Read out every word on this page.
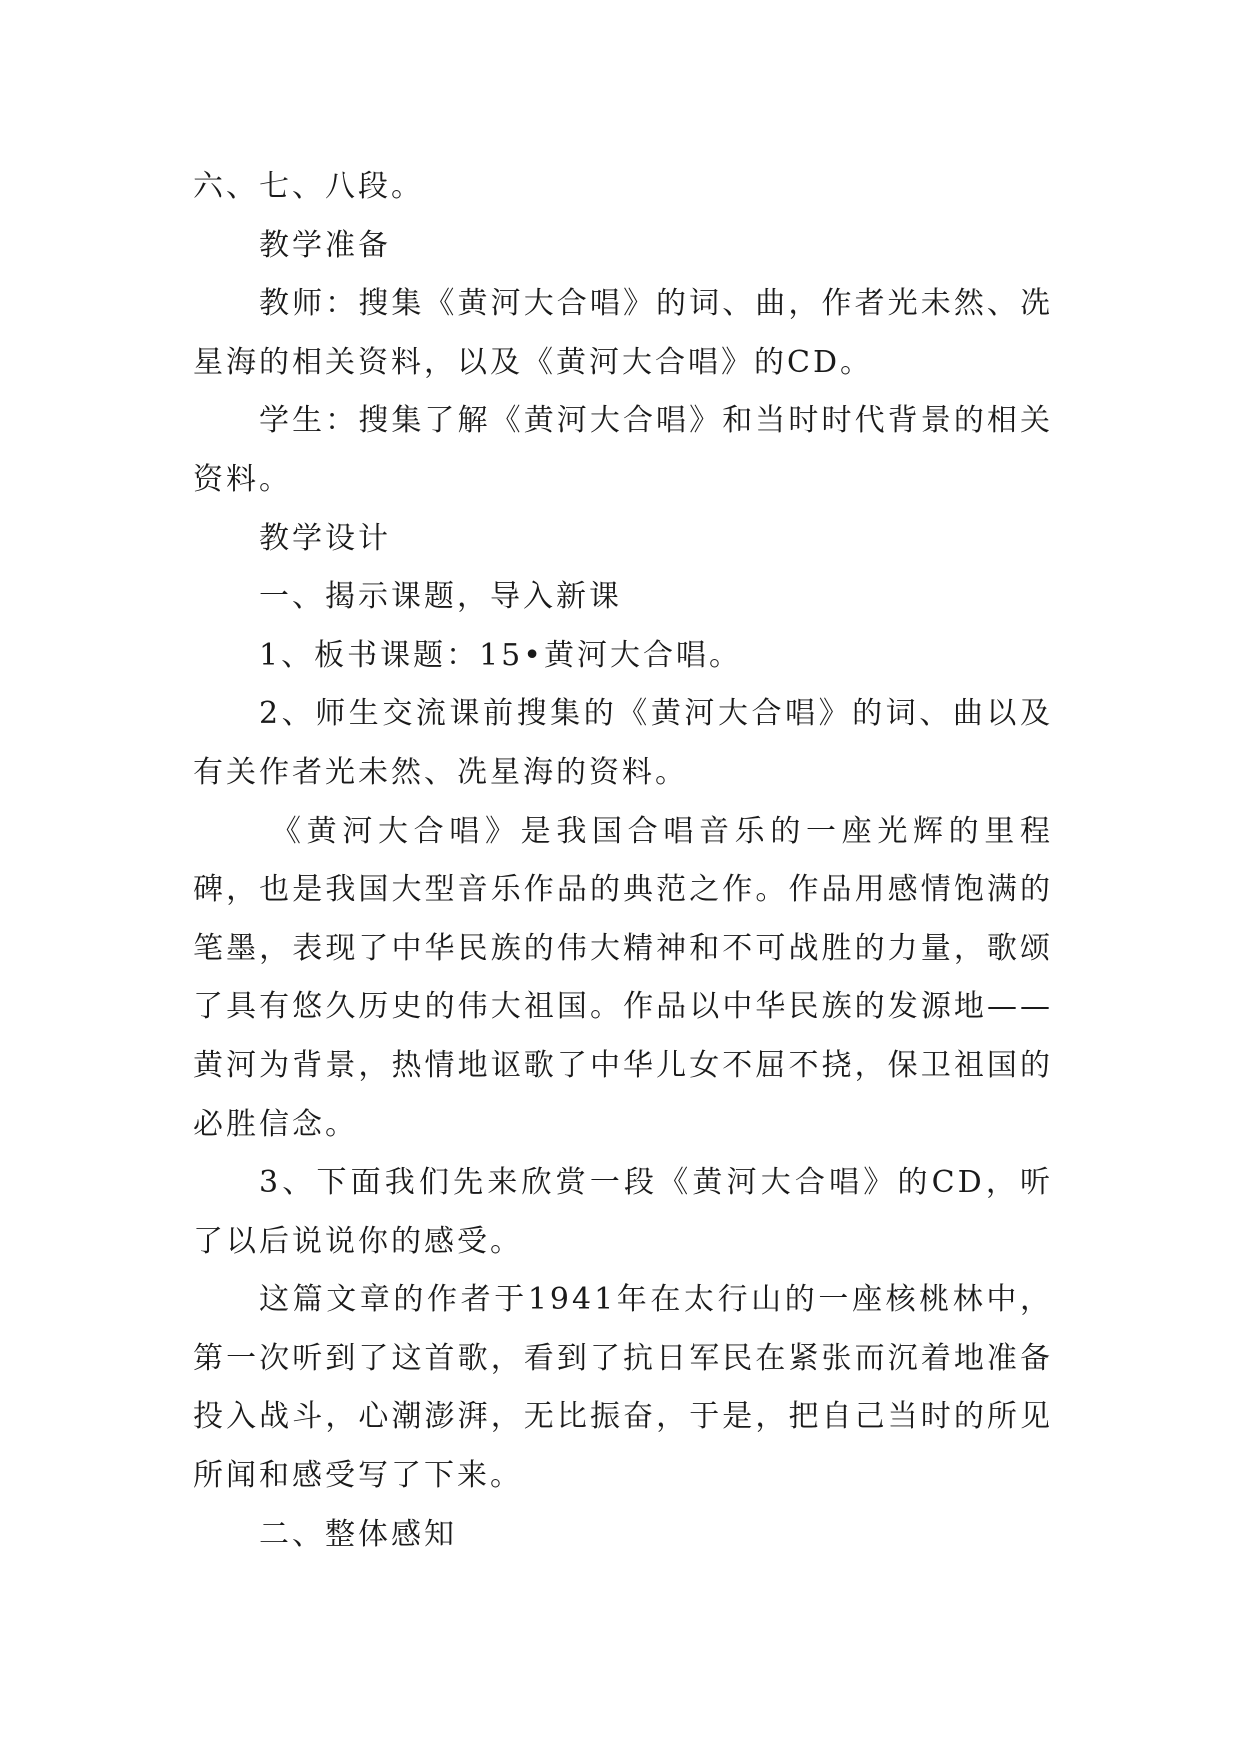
六、七、八段。

教学准备

教师：搜集《黄河大合唱》的词、曲，作者光未然、冼星海的相关资料，以及《黄河大合唱》的CD。

学生：搜集了解《黄河大合唱》和当时时代背景的相关资料。

教学设计

一、揭示课题，导入新课

1、板书课题：15•黄河大合唱。

2、师生交流课前搜集的《黄河大合唱》的词、曲以及有关作者光未然、冼星海的资料。

《黄河大合唱》是我国合唱音乐的一座光辉的里程碑，也是我国大型音乐作品的典范之作。作品用感情饱满的笔墨，表现了中华民族的伟大精神和不可战胜的力量，歌颂了具有悠久历史的伟大祖国。作品以中华民族的发源地——黄河为背景，热情地讴歌了中华儿女不屈不挠，保卫祖国的必胜信念。

3、下面我们先来欣赏一段《黄河大合唱》的CD，听了以后说说你的感受。

这篇文章的作者于1941年在太行山的一座核桃林中，第一次听到了这首歌，看到了抗日军民在紧张而沉着地准备投入战斗，心潮澎湃，无比振奋，于是，把自己当时的所见所闻和感受写了下来。

二、整体感知
